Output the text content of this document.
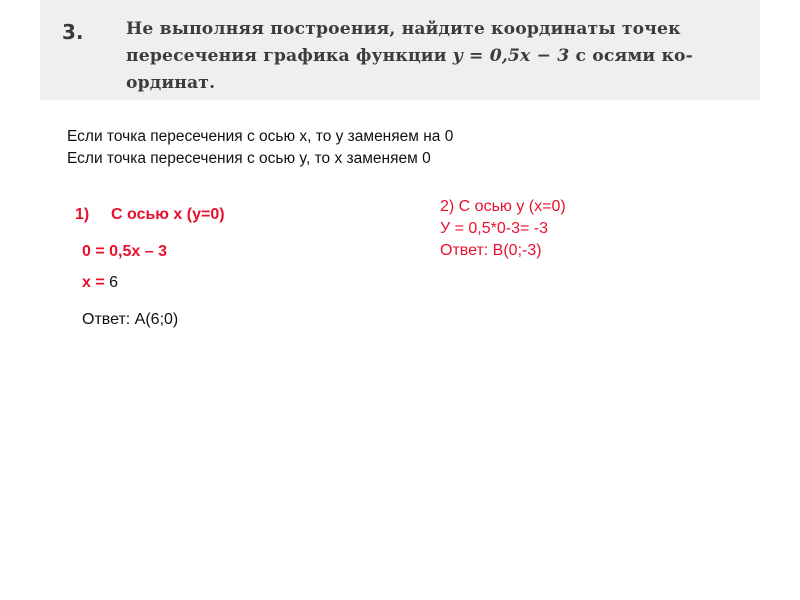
3. Не выполняя построения, найдите координаты точек
пересечения графика функции y = 0,5x − 3 с осями ко-
ординат.
Если точка пересечения с осью x, то y заменяем на 0
Если точка пересечения с осью y, то x заменяем 0
1) С осью х (у=0)
0 = 0,5х – 3
х = 6
Ответ: А(6;0)
2) С осью у (х=0)
У = 0,5*0-3= -3
Ответ: В(0;-3)
